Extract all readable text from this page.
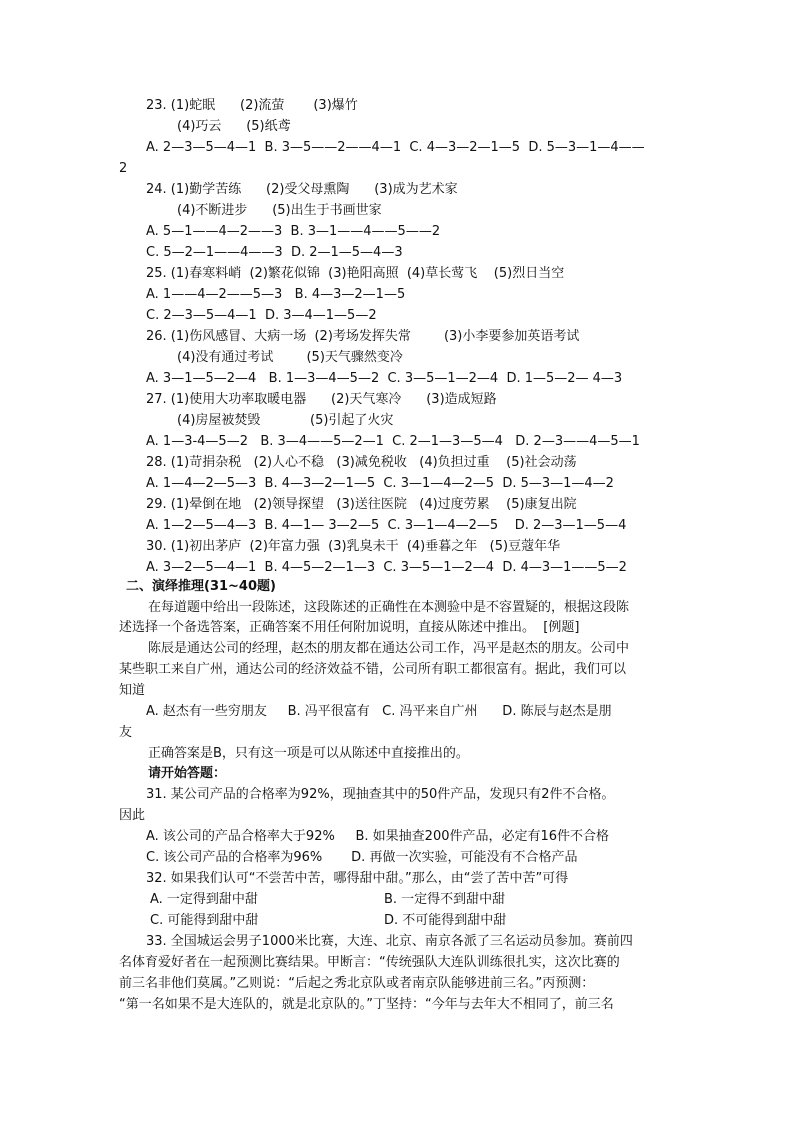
23. (1)蛇眠      (2)流萤       (3)爆竹
(4)巧云      (5)纸鸢
A. 2—3—5—4—1  B. 3—5——2——4—1  C. 4—3—2—1—5  D. 5—3—1—4——
2
24. (1)勤学苦练      (2)受父母熏陶      (3)成为艺术家
(4)不断进步      (5)出生于书画世家
A. 5—1——4—2——3  B. 3—1——4——5——2
C. 5—2—1——4——3  D. 2—1—5—4—3
25. (1)春寒料峭  (2)繁花似锦  (3)艳阳高照  (4)草长莺飞    (5)烈日当空
A. 1——4—2——5—3   B. 4—3—2—1—5
C. 2—3—5—4—1  D. 3—4—1—5—2
26. (1)伤风感冒、大病一场  (2)考场发挥失常        (3)小李要参加英语考试
(4)没有通过考试        (5)天气骤然变冷
A. 3—1—5—2—4   B. 1—3—4—5—2  C. 3—5—1—2—4  D. 1—5—2— 4—3
27. (1)使用大功率取暖电器      (2)天气寒冷      (3)造成短路
(4)房屋被焚毁            (5)引起了火灾
A. 1—3-4—5—2   B. 3—4——5—2—1  C. 2—1—3—5—4   D. 2—3——4—5—1
28. (1)苛捐杂税   (2)人心不稳   (3)减免税收   (4)负担过重    (5)社会动荡
A. 1—4—2—5—3  B. 4—3—2—1—5  C. 3—1—4—2—5  D. 5—3—1—4—2
29. (1)晕倒在地   (2)领导探望   (3)送往医院   (4)过度劳累    (5)康复出院
A. 1—2—5—4—3  B. 4—1— 3—2—5  C. 3—1—4—2—5    D. 2—3—1—5—4
30. (1)初出茅庐  (2)年富力强  (3)乳臭未干  (4)垂暮之年   (5)豆蔻年华
A. 3—2—5—4—1  B. 4—5—2—1—3  C. 3—5—1—2—4  D. 4—3—1——5—2
二、演绎推理(31~40题)
在每道题中给出一段陈述，这段陈述的正确性在本测验中是不容置疑的，根据这段陈
述选择一个备选答案，正确答案不用任何附加说明，直接从陈述中推出。  [例题]
陈辰是通达公司的经理，赵杰的朋友都在通达公司工作，冯平是赵杰的朋友。公司中
某些职工来自广州，通达公司的经济效益不错，公司所有职工都很富有。据此，我们可以
知道
A. 赵杰有一些穷朋友     B. 冯平很富有   C. 冯平来自广州      D. 陈辰与赵杰是朋
友
正确答案是B，只有这一项是可以从陈述中直接推出的。
请开始答题：
31. 某公司产品的合格率为92%，现抽查其中的50件产品，发现只有2件不合格。
因此
A. 该公司的产品合格率大于92%     B. 如果抽查200件产品，必定有16件不合格
C. 该公司产品的合格率为96%       D. 再做一次实验，可能没有不合格产品
32. 如果我们认可“不尝苦中苦，哪得甜中甜。”那么，由“尝了苦中苦”可得
A. 一定得到甜中甜	B. 一定得不到甜中甜
C. 可能得到甜中甜	D. 不可能得到甜中甜
33. 全国城运会男子1000米比赛，大连、北京、南京各派了三名运动员参加。赛前四
名体育爱好者在一起预测比赛结果。甲断言：“传统强队大连队训练很扎实，这次比赛的
前三名非他们莫属。”乙则说：“后起之秀北京队或者南京队能够进前三名。”丙预测：
“第一名如果不是大连队的，就是北京队的。”丁坚持：“今年与去年大不相同了，前三名
